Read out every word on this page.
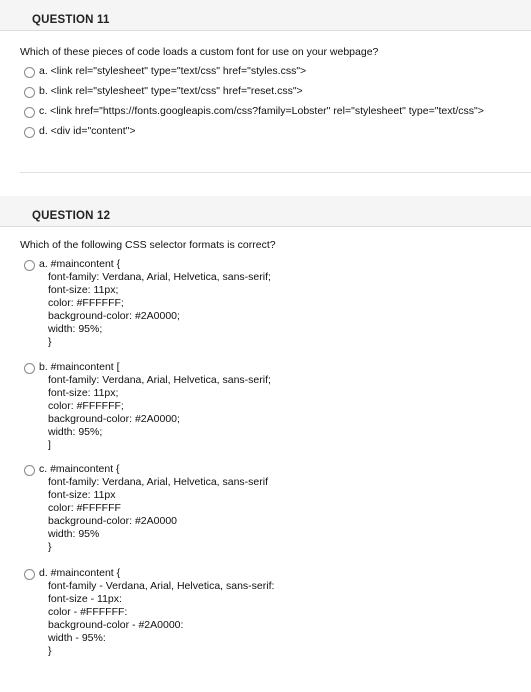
QUESTION 11
Which of these pieces of code loads a custom font for use on your webpage?
a. <link rel="stylesheet" type="text/css" href="styles.css">
b. <link rel="stylesheet" type="text/css" href="reset.css">
c. <link href="https://fonts.googleapis.com/css?family=Lobster" rel="stylesheet" type="text/css">
d. <div id="content">
QUESTION 12
Which of the following CSS selector formats is correct?
a. #maincontent {
font-family: Verdana, Arial, Helvetica, sans-serif;
font-size: 11px;
color: #FFFFFF;
background-color: #2A0000;
width: 95%;
}
b. #maincontent [
font-family: Verdana, Arial, Helvetica, sans-serif;
font-size: 11px;
color: #FFFFFF;
background-color: #2A0000;
width: 95%;
]
c. #maincontent {
font-family: Verdana, Arial, Helvetica, sans-serif
font-size: 11px
color: #FFFFFF
background-color: #2A0000
width: 95%
}
d. #maincontent {
font-family - Verdana, Arial, Helvetica, sans-serif:
font-size - 11px:
color - #FFFFFF:
background-color - #2A0000:
width - 95%:
}
